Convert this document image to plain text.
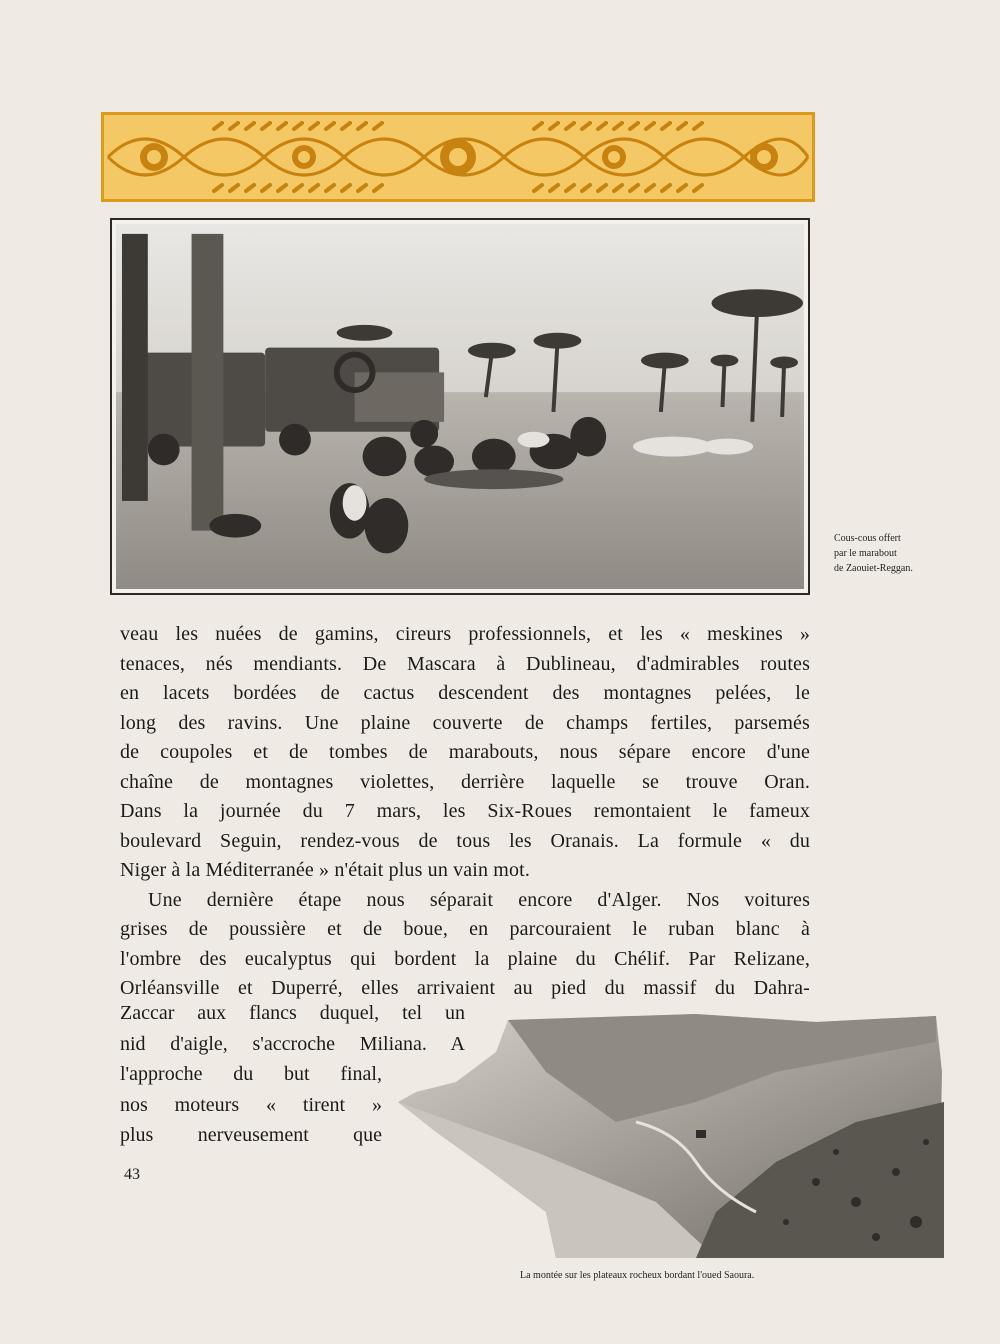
Cous-cous offert
par le marabout
de Zaouiet-Reggan.
veau les nuées de gamins, cireurs professionnels, et les « meskines »
tenaces, nés mendiants. De Mascara à Dublineau, d'admirables routes
en lacets bordées de cactus descendent des montagnes pelées, le
long des ravins. Une plaine couverte de champs fertiles, parsemés
de coupoles et de tombes de marabouts, nous sépare encore d'une
chaîne de montagnes violettes, derrière laquelle se trouve Oran.
Dans la journée du 7 mars, les Six-Roues remontaient le fameux
boulevard Seguin, rendez-vous de tous les Oranais. La formule « du
Niger à la Méditerranée » n'était plus un vain mot.
Une dernière étape nous séparait encore d'Alger. Nos voitures
grises de poussière et de boue, en parcouraient le ruban blanc à
l'ombre des eucalyptus qui bordent la plaine du Chélif. Par Relizane,
Orléansville et Duperré, elles arrivaient au pied du massif du Dahra-
Zaccar aux flancs duquel, tel un
nid d'aigle, s'accroche Miliana. A
l'approche du but final,
nos moteurs « tirent »
plus nerveusement que
43
La montée sur les plateaux rocheux bordant l'oued Saoura.
